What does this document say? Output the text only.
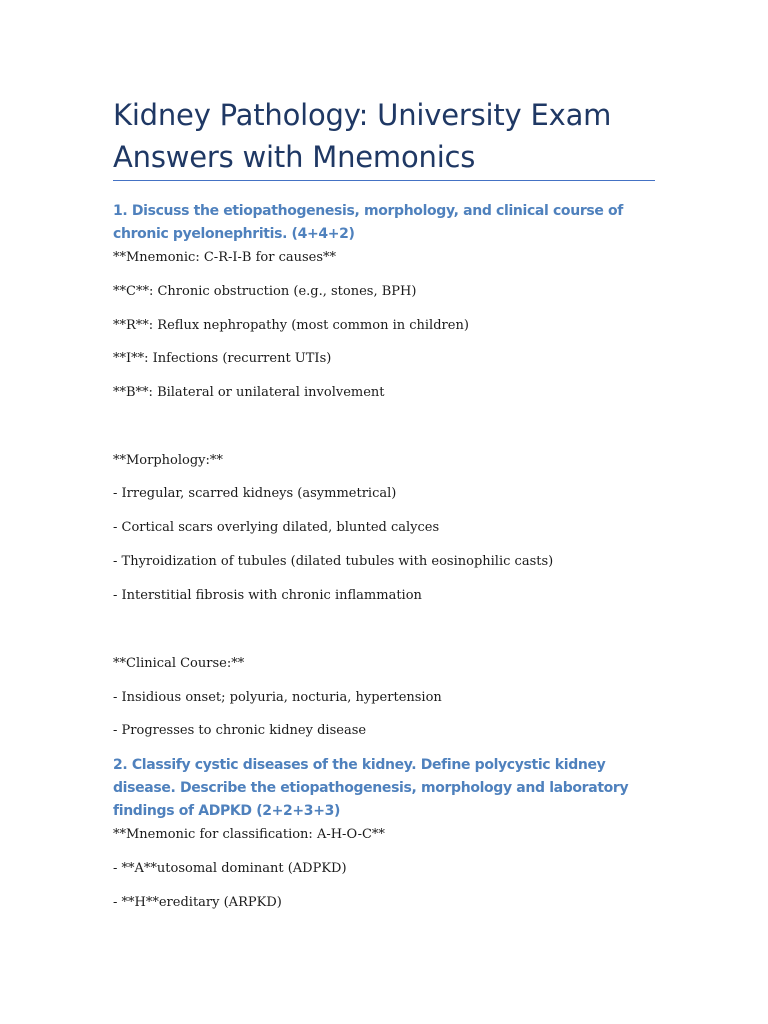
Kidney Pathology: University Exam Answers with Mnemonics
1. Discuss the etiopathogenesis, morphology, and clinical course of chronic pyelonephritis. (4+4+2)

**Mnemonic: C-R-I-B for causes**

**C**: Chronic obstruction (e.g., stones, BPH)

**R**: Reflux nephropathy (most common in children)

**I**: Infections (recurrent UTIs)

**B**: Bilateral or unilateral involvement

**Morphology:**

- Irregular, scarred kidneys (asymmetrical)

- Cortical scars overlying dilated, blunted calyces

- Thyroidization of tubules (dilated tubules with eosinophilic casts)

- Interstitial fibrosis with chronic inflammation

**Clinical Course:**

- Insidious onset; polyuria, nocturia, hypertension

- Progresses to chronic kidney disease

2. Classify cystic diseases of the kidney. Define polycystic kidney disease. Describe the etiopathogenesis, morphology and laboratory findings of ADPKD (2+2+3+3)

**Mnemonic for classification: A-H-O-C**

- **A**utosomal dominant (ADPKD)

- **H**ereditary (ARPKD)
